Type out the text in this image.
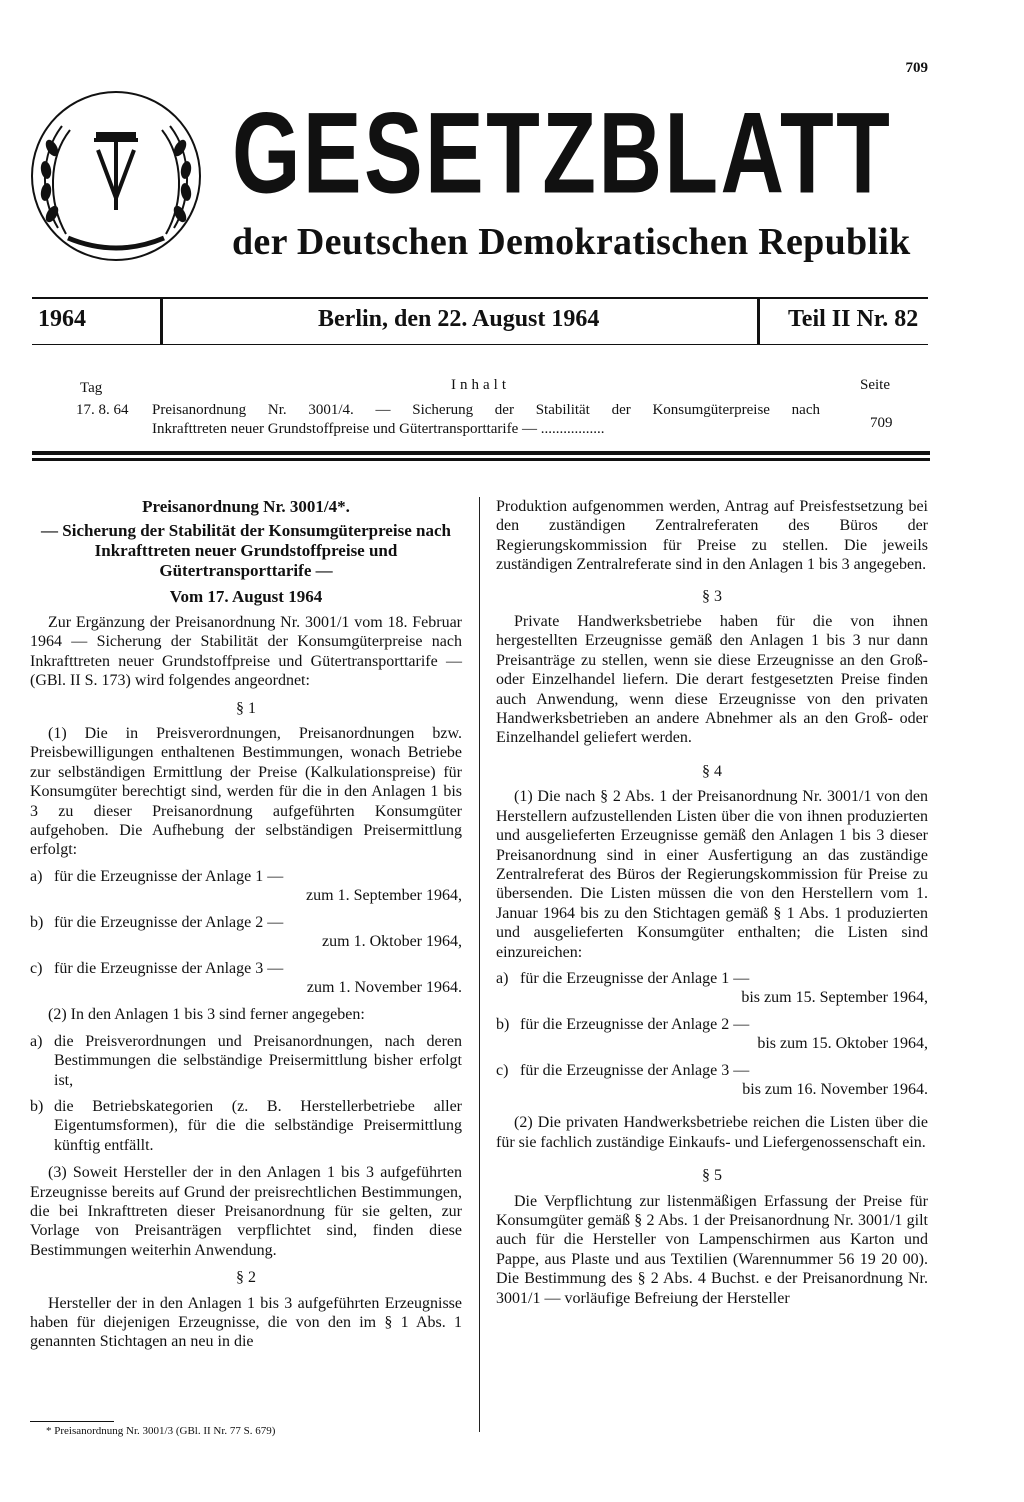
709
GESETZBLATT
der Deutschen Demokratischen Republik
1964	Berlin, den 22. August 1964	Teil II Nr. 82
Tag	Inhalt	Seite
17. 8. 64 Preisanordnung Nr. 3001/4. — Sicherung der Stabilität der Konsumgüterpreise nach
Inkrafttreten neuer Grundstoffpreise und Gütertransporttarife — .................	709
Preisanordnung Nr. 3001/4*.
— Sicherung der Stabilität der Konsumgüterpreise nach Inkrafttreten neuer Grundstoffpreise und Gütertransporttarife —
Vom 17. August 1964

Zur Ergänzung der Preisanordnung Nr. 3001/1 vom 18. Februar 1964 — Sicherung der Stabilität der Konsumgüterpreise nach Inkrafttreten neuer Grundstoffpreise und Gütertransporttarife — (GBl. II S. 173) wird folgendes angeordnet:

§ 1

(1) Die in Preisverordnungen, Preisanordnungen bzw. Preisbewilligungen enthaltenen Bestimmungen, wonach Betriebe zur selbständigen Ermittlung der Preise (Kalkulationspreise) für Konsumgüter berechtigt sind, werden für die in den Anlagen 1 bis 3 zu dieser Preisanordnung aufgeführten Konsumgüter aufgehoben. Die Aufhebung der selbständigen Preisermittlung erfolgt:

a) für die Erzeugnisse der Anlage 1 —
zum 1. September 1964,
b) für die Erzeugnisse der Anlage 2 —
zum 1. Oktober 1964,
c) für die Erzeugnisse der Anlage 3 —
zum 1. November 1964.

(2) In den Anlagen 1 bis 3 sind ferner angegeben:

a) die Preisverordnungen und Preisanordnungen, nach deren Bestimmungen die selbständige Preisermittlung bisher erfolgt ist,
b) die Betriebskategorien (z. B. Herstellerbetriebe aller Eigentumsformen), für die die selbständige Preisermittlung künftig entfällt.

(3) Soweit Hersteller der in den Anlagen 1 bis 3 aufgeführten Erzeugnisse bereits auf Grund der preisrechtlichen Bestimmungen, die bei Inkrafttreten dieser Preisanordnung für sie gelten, zur Vorlage von Preisanträgen verpflichtet sind, finden diese Bestimmungen weiterhin Anwendung.

§ 2

Hersteller der in den Anlagen 1 bis 3 aufgeführten Erzeugnisse haben für diejenigen Erzeugnisse, die von den im § 1 Abs. 1 genannten Stichtagen an neu in die

* Preisanordnung Nr. 3001/3 (GBl. II Nr. 77 S. 679)

Produktion aufgenommen werden, Antrag auf Preisfestsetzung bei den zuständigen Zentralreferaten des Büros der Regierungskommission für Preise zu stellen. Die jeweils zuständigen Zentralreferate sind in den Anlagen 1 bis 3 angegeben.

§ 3

Private Handwerksbetriebe haben für die von ihnen hergestellten Erzeugnisse gemäß den Anlagen 1 bis 3 nur dann Preisanträge zu stellen, wenn sie diese Erzeugnisse an den Groß- oder Einzelhandel liefern. Die derart festgesetzten Preise finden auch Anwendung, wenn diese Erzeugnisse von den privaten Handwerksbetrieben an andere Abnehmer als an den Groß- oder Einzelhandel geliefert werden.

§ 4

(1) Die nach § 2 Abs. 1 der Preisanordnung Nr. 3001/1 von den Herstellern aufzustellenden Listen über die von ihnen produzierten und ausgelieferten Erzeugnisse gemäß den Anlagen 1 bis 3 dieser Preisanordnung sind in einer Ausfertigung an das zuständige Zentralreferat des Büros der Regierungskommission für Preise zu übersenden. Die Listen müssen die von den Herstellern vom 1. Januar 1964 bis zu den Stichtagen gemäß § 1 Abs. 1 produzierten und ausgelieferten Konsumgüter enthalten; die Listen sind einzureichen:

a) für die Erzeugnisse der Anlage 1 —
bis zum 15. September 1964,
b) für die Erzeugnisse der Anlage 2 —
bis zum 15. Oktober 1964,
c) für die Erzeugnisse der Anlage 3 —
bis zum 16. November 1964.

(2) Die privaten Handwerksbetriebe reichen die Listen über die für sie fachlich zuständige Einkaufs- und Liefergenossenschaft ein.

§ 5

Die Verpflichtung zur listenmäßigen Erfassung der Preise für Konsumgüter gemäß § 2 Abs. 1 der Preisanordnung Nr. 3001/1 gilt auch für die Hersteller von Lampenschirmen aus Karton und Pappe, aus Plaste und aus Textilien (Warennummer 56 19 20 00). Die Bestimmung des § 2 Abs. 4 Buchst. e der Preisanordnung Nr. 3001/1 — vorläufige Befreiung der Hersteller
